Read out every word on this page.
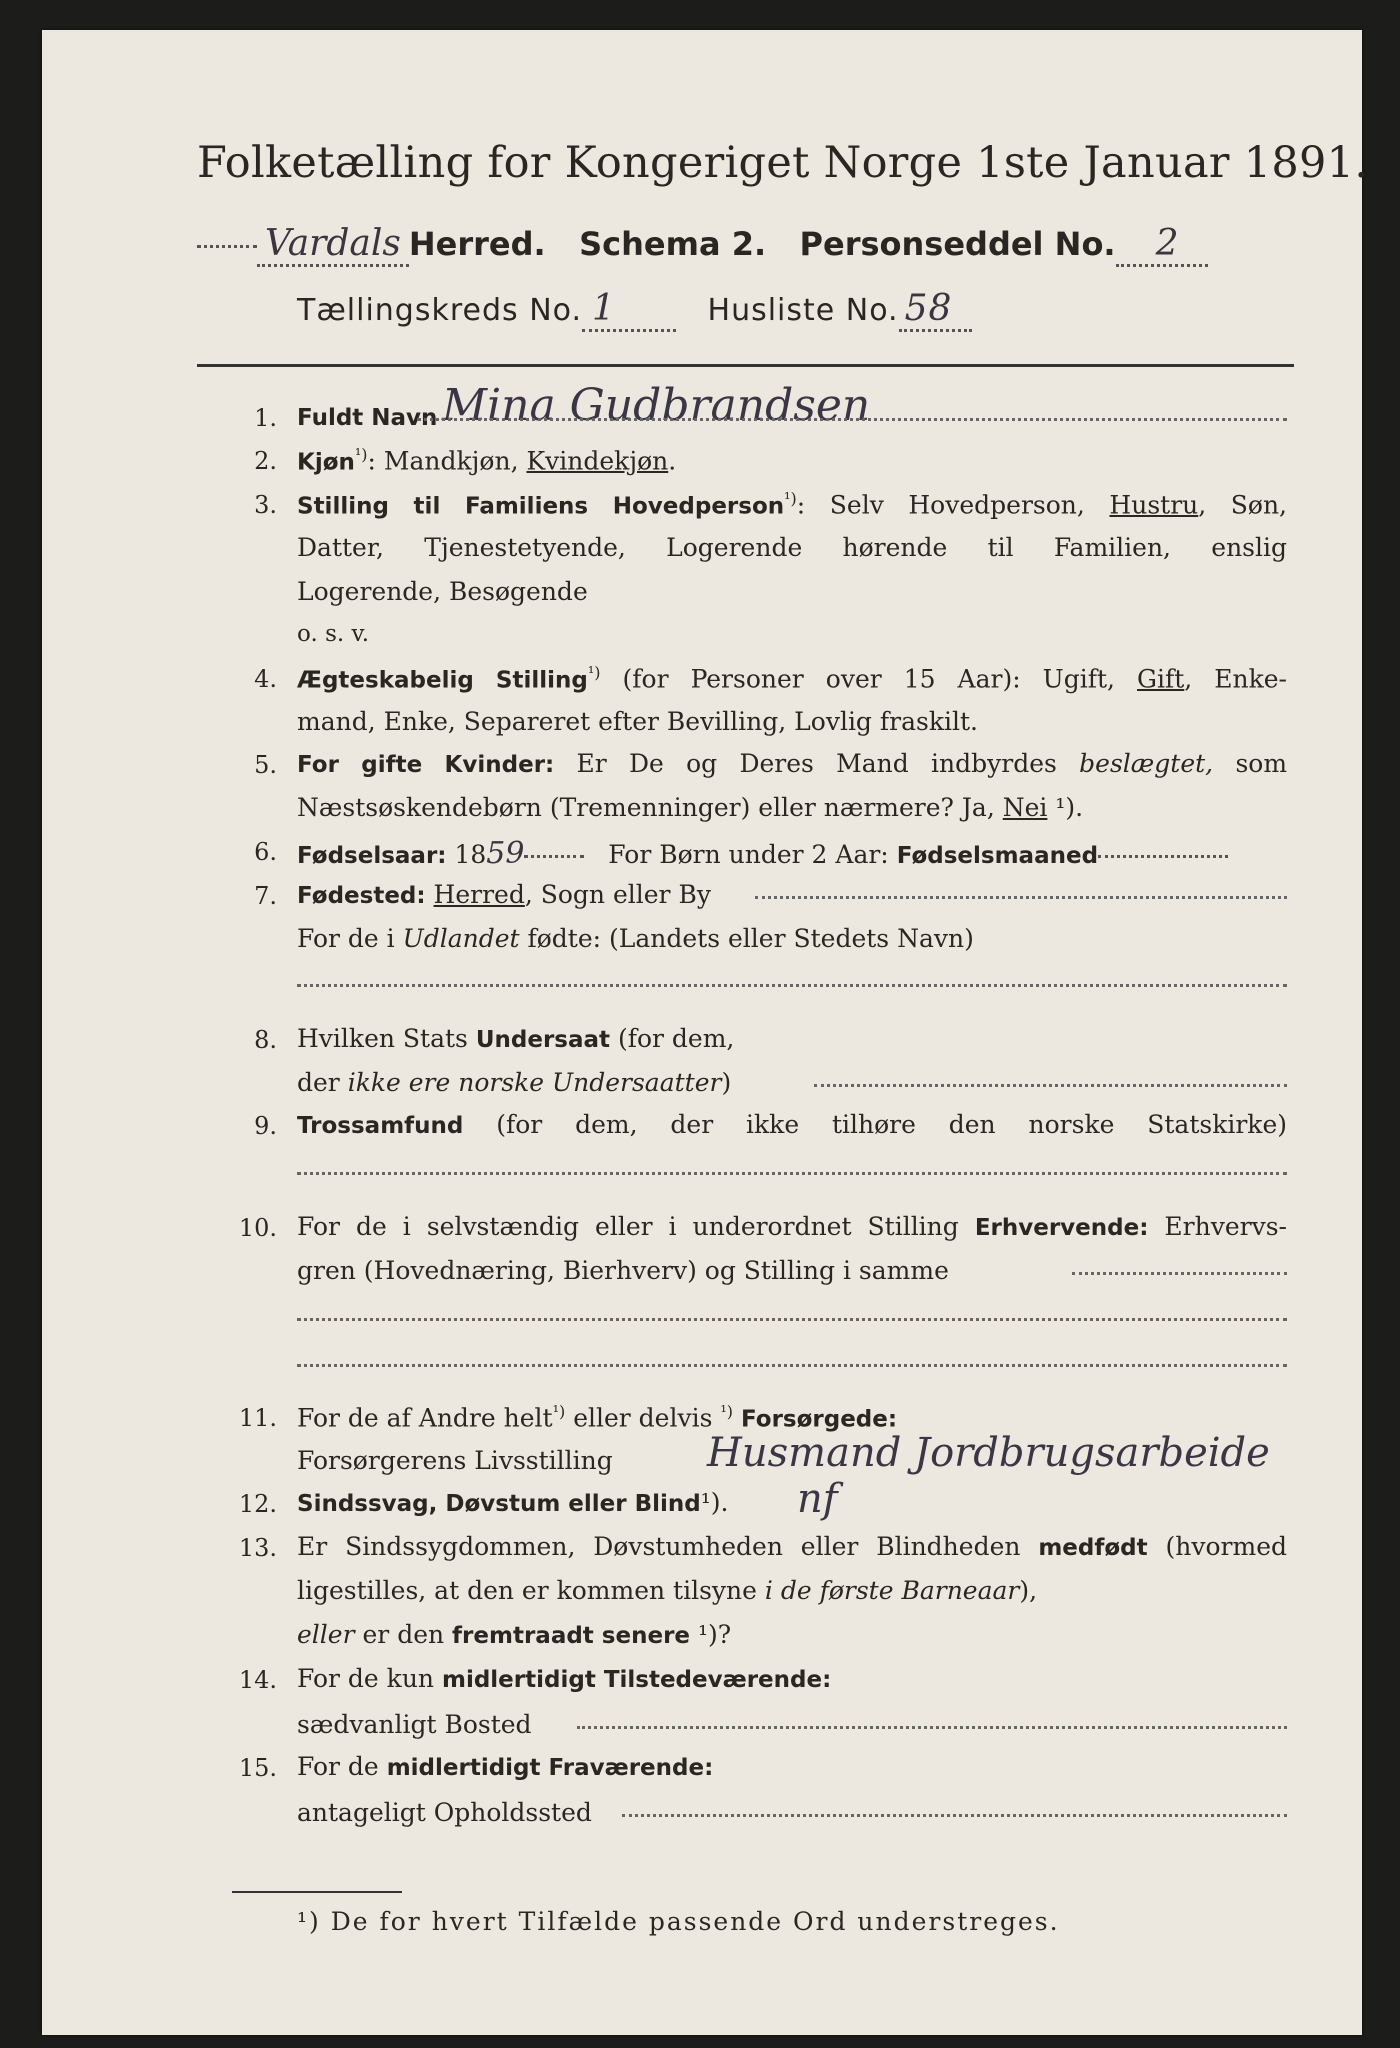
Folketælling for Kongeriget Norge 1ste Januar 1891.
Vardals Herred. Schema 2. Personseddel No. 2
Tællingskreds No. 1	Husliste No. 58
1. Fuldt Navn Mina Gudbrandsen
2. Kjøn$^{^1)}$: Mandkjøn, Kvindekjøn.
3. Stilling til Familiens Hovedperson$^{^1)}$: Selv Hovedperson, Hustru, Søn,
Datter, Tjenestetyende, Logerende hørende til Familien, enslig
Logerende, Besøgende
o. s. v.
4. Ægteskabelig Stilling$^{^1)}$ (for Personer over 15 Aar): Ugift, Gift, Enke-
mand, Enke, Separeret efter Bevilling, Lovlig fraskilt.
5. For gifte Kvinder: Er De og Deres Mand indbyrdes beslægtet, som
Næstsøskendebørn (Tremenninger) eller nærmere? Ja, Nei ¹).
6. Fødselsaar: 1859	For Børn under 2 Aar: Fødselsmaaned
7. Fødested: Herred, Sogn eller By
For de i Udlandet fødte: (Landets eller Stedets Navn)
8. Hvilken Stats Undersaat (for dem,
der ikke ere norske Undersaatter)
9. Trossamfund (for dem, der ikke tilhøre den norske Statskirke)
10. For de i selvstændig eller i underordnet Stilling Erhvervende: Erhvervs-
gren (Hovednæring, Bierhverv) og Stilling i samme
11. For de af Andre helt$^{^1)}$ eller delvis $^{^1)}$ Forsørgede:
Forsørgerens Livsstilling Husmand Jordbrugsarbeide
12. Sindssvag, Døvstum eller Blind¹). nf
13. Er Sindssygdommen, Døvstumheden eller Blindheden medfødt (hvormed
ligestilles, at den er kommen tilsyne i de første Barneaar),
eller er den fremtraadt senere ¹)?
14. For de kun midlertidigt Tilstedeværende:
sædvanligt Bosted
15. For de midlertidigt Fraværende:
antageligt Opholdssted
¹) De for hvert Tilfælde passende Ord understreges.
